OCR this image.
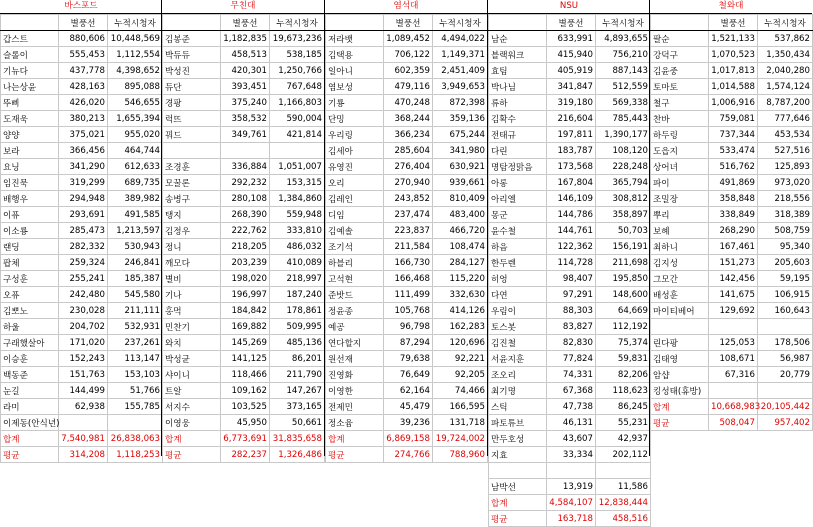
바스포드
	별풍선	누적시청자
갑스트	880,606	10,448,569
슬롤이	555,453	1,112,554
기뉴다	437,778	4,398,652
나는상윤	428,163	895,088
뚜삐	426,020	546,655
도재욱	380,213	1,655,394
양양	375,021	955,020
보라	366,456	464,744
요닝	341,290	612,633
임진묵	319,299	689,735
배행우	294,948	389,982
이퓨	293,691	491,585
이소룡	285,473	1,213,597
랜딩	282,332	530,943
팝체	259,324	246,841
구성훈	255,241	185,387
오퓨	242,480	545,580
김뽀노	230,028	211,111
하울	204,702	532,931
구래했살아	171,020	237,261
이승훈	152,243	113,147
백동준	151,763	153,103
눈길	144,499	51,766
라미	62,938	155,785
이제동(안식년)		
합계	7,540,981	26,838,063
평균	314,208	1,118,253
무친대
	별풍선	누적시청자
김봉준	1,182,835	19,673,236
박듀듀	458,513	538,185
박성진	420,301	1,250,766
듀단	393,451	767,648
경팡	375,240	1,166,803
럭뜨	358,532	590,004
꿔드	349,761	421,814

조경훈	336,884	1,051,007
모꿀론	292,232	153,315
송병구	280,108	1,384,860
탱지	268,390	559,948
김정우	222,762	333,810
정니	218,205	486,032
깨모다	203,239	410,089
별비	198,020	218,997
기나	196,997	187,240
홍먹	184,842	178,861
민찬기	169,882	509,995
와치	145,269	485,136
박성균	141,125	86,201
샤이니	118,466	211,790
트알	109,162	147,267
서지수	103,525	373,165
이영웅	45,950	50,661
합계	6,773,691	31,835,658
평균	282,237	1,326,486
염석대
	별풍선	누적시청자
저라뱃	1,089,452	4,494,022
김택용	706,122	1,149,371
일아니	602,359	2,451,409
염보성	479,116	3,949,653
기룡	470,248	872,398
단밍	368,244	359,136
우리링	366,234	675,244
김세아	285,604	341,980
유영진	276,404	630,921
오리	270,940	939,661
김레인	243,852	810,409
디임	237,474	483,400
김예솔	223,837	466,720
조기석	211,584	108,474
하블리	166,730	284,127
고석현	166,468	115,220
준밧드	111,499	332,630
정윤종	105,768	414,126
예공	96,798	162,283
연다할지	87,294	120,696
원선재	79,638	92,221
진영화	76,649	92,205
이영한	62,164	74,466
전제민	45,479	166,595
정소윰	39,236	131,718
합계	6,869,158	19,724,002
평균	274,766	788,960
NSU
	별풍선	누적시청자
남순	633,991	4,893,655
블랙워크	415,940	756,210
효팀	405,919	887,143
박나님	341,847	512,559
류하	319,180	569,338
김확수	216,604	785,443
전태규	197,811	1,390,177
다린	183,787	108,120
명탐정맑음	173,568	228,248
아롱	167,804	365,794
아리엘	146,109	308,812
몽군	144,786	358,897
윤수철	144,761	50,703
하음	122,362	156,191
한두렌	114,728	211,698
히엉	98,407	195,850
다연	97,291	148,600
우림이	88,303	64,669
토스봇	83,827	112,192
김진철	82,830	75,374
서윤지훈	77,824	59,831
조오리	74,331	82,206
최기명	67,368	118,623
스틱	47,738	86,245
파토튜브	46,131	55,231
만두호성	43,607	42,937
지효	33,334	202,112

남박선	13,919	11,586
합계	4,584,107	12,838,444
평균	163,718	458,516
철와대
	별풍선	누적시청자
팔순	1,521,133	537,862
강덕구	1,070,523	1,350,434
김윤중	1,017,813	2,040,280
토마토	1,014,588	1,574,124
철구	1,006,916	8,787,200
찬바	759,081	777,646
하두링	737,344	453,534
도읍지	533,474	527,516
상어녀	516,762	125,893
파이	491,869	973,020
조밀장	358,848	218,556
뿌리	338,849	318,389
보혜	268,290	508,759
최하니	167,461	95,340
김지성	151,273	205,603
그모간	142,456	59,195
배성훈	141,675	106,915
마이티베어	129,692	160,643

린다팡	125,053	178,506
김태영	108,671	56,987
암샵	67,316	20,779
킹성태(휴방)		
합계	10,668,983	20,105,442
평균	508,047	957,402
